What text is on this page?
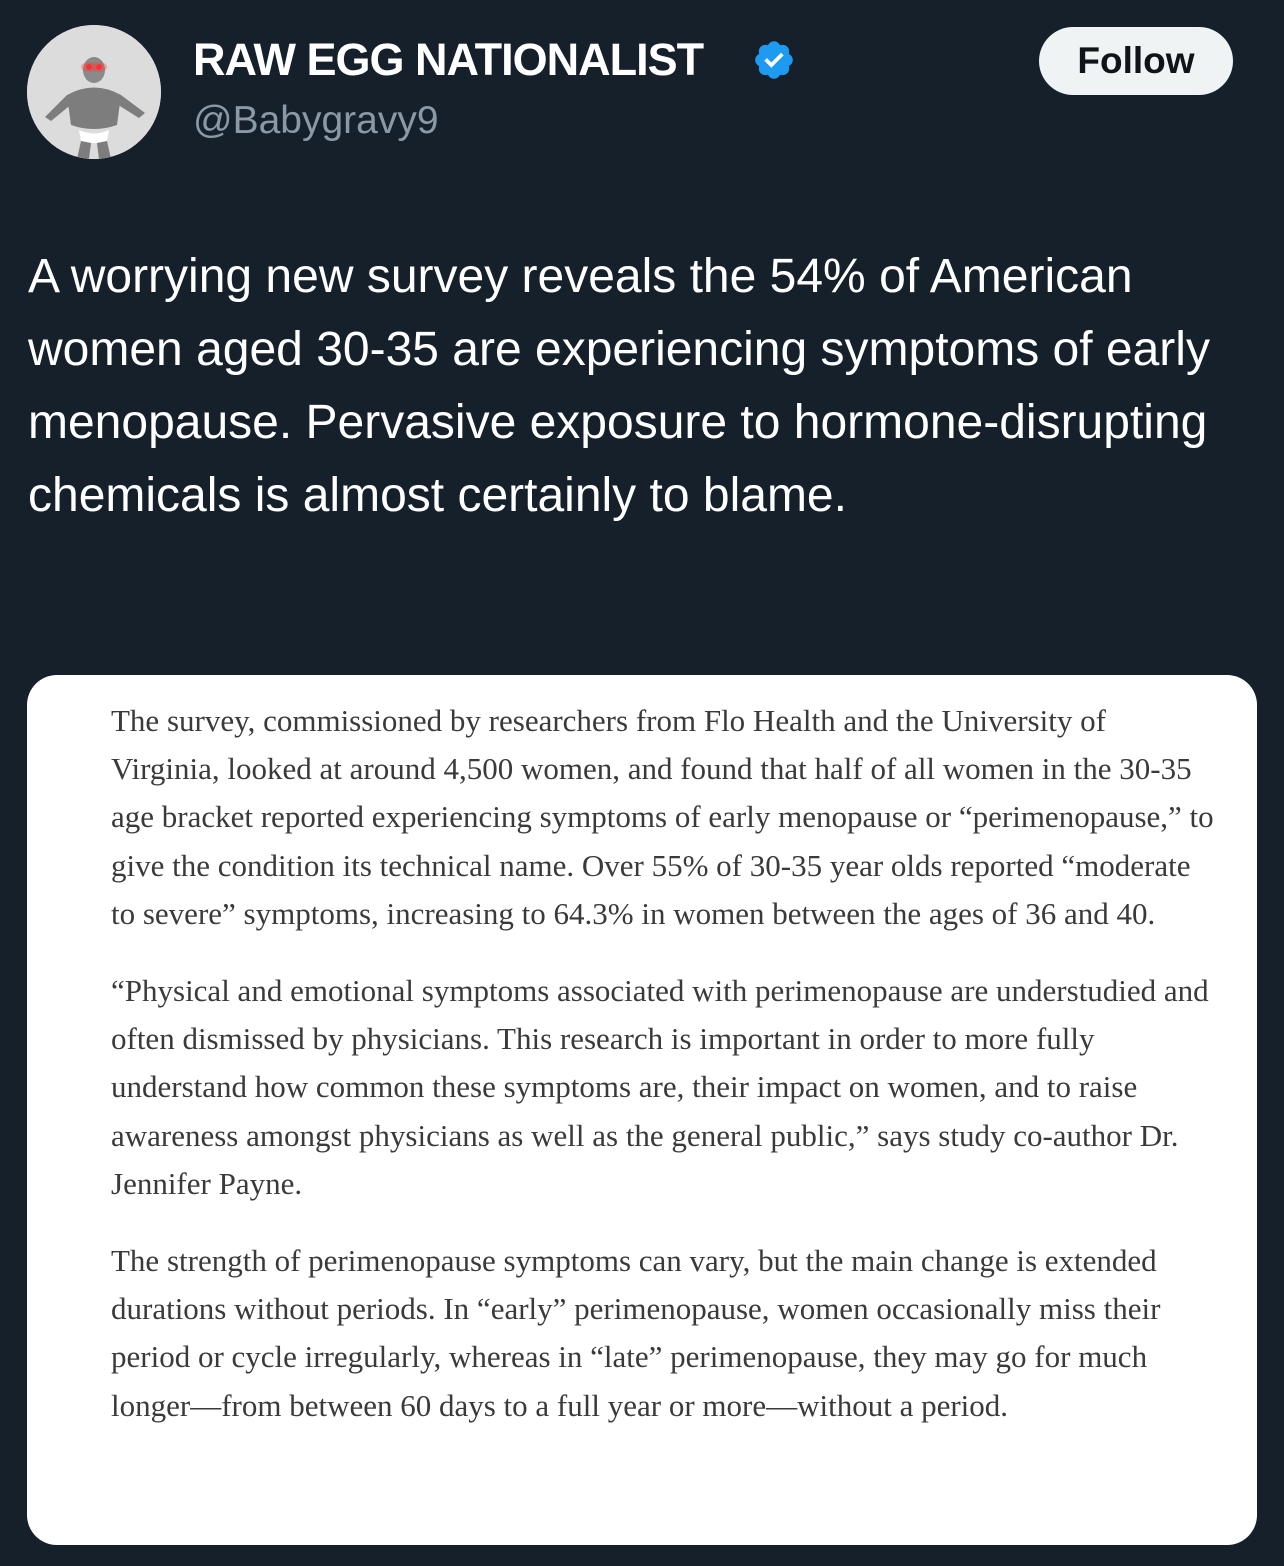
RAW EGG NATIONALIST
@Babygravy9
Follow
A worrying new survey reveals the 54% of American women aged 30-35 are experiencing symptoms of early menopause. Pervasive exposure to hormone-disrupting chemicals is almost certainly to blame.

The survey, commissioned by researchers from Flo Health and the University of Virginia, looked at around 4,500 women, and found that half of all women in the 30-35 age bracket reported experiencing symptoms of early menopause or “perimenopause,” to give the condition its technical name. Over 55% of 30-35 year olds reported “moderate to severe” symptoms, increasing to 64.3% in women between the ages of 36 and 40.

“Physical and emotional symptoms associated with perimenopause are understudied and often dismissed by physicians. This research is important in order to more fully understand how common these symptoms are, their impact on women, and to raise awareness amongst physicians as well as the general public,” says study co-author Dr. Jennifer Payne.

The strength of perimenopause symptoms can vary, but the main change is extended durations without periods. In “early” perimenopause, women occasionally miss their period or cycle irregularly, whereas in “late” perimenopause, they may go for much longer—from between 60 days to a full year or more—without a period.
